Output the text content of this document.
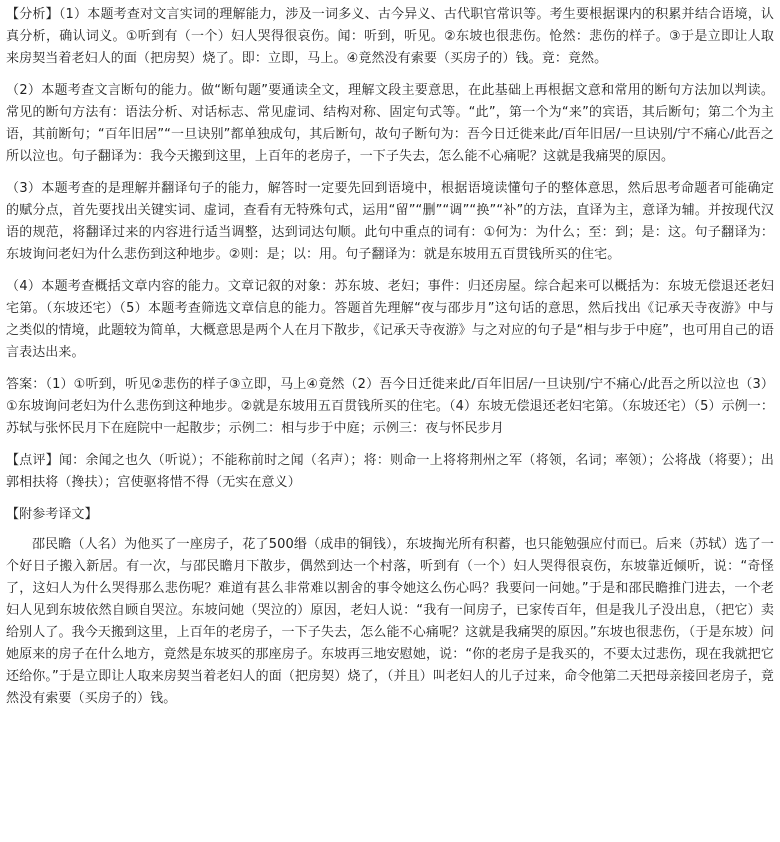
【分析】（1）本题考查对文言实词的理解能力，涉及一词多义、古今异义、古代职官常识等。考生要根据课内的积累并结合语境，认真分析，确认词义。①听到有（一个）妇人哭得很哀伤。闻：听到，听见。②东坡也很悲伤。怆然：悲伤的样子。③于是立即让人取来房契当着老妇人的面（把房契）烧了。即：立即，马上。④竟然没有索要（买房子的）钱。竟：竟然。

（2）本题考查文言断句的能力。做“断句题”要通读全文，理解文段主要意思，在此基础上再根据文意和常用的断句方法加以判读。常见的断句方法有：语法分析、对话标志、常见虚词、结构对称、固定句式等。“此”，第一个为“来”的宾语，其后断句；第二个为主语，其前断句；“百年旧居”“一旦诀别”都单独成句，其后断句，故句子断句为：吾今日迁徙来此/百年旧居/一旦诀别/宁不痛心/此吾之所以泣也。句子翻译为：我今天搬到这里，上百年的老房子，一下子失去，怎么能不心痛呢？这就是我痛哭的原因。

（3）本题考查的是理解并翻译句子的能力，解答时一定要先回到语境中，根据语境读懂句子的整体意思，然后思考命题者可能确定的赋分点，首先要找出关键实词、虚词，查看有无特殊句式，运用“留”“删”“调”“换”“补”的方法，直译为主，意译为辅。并按现代汉语的规范，将翻译过来的内容进行适当调整，达到词达句顺。此句中重点的词有：①何为：为什么；至：到；是：这。句子翻译为：东坡询问老妇为什么悲伤到这种地步。②则：是；以：用。句子翻译为：就是东坡用五百贯钱所买的住宅。

（4）本题考查概括文章内容的能力。文章记叙的对象：苏东坡、老妇；事件：归还房屋。综合起来可以概括为：东坡无偿退还老妇宅第。（东坡还宅）（5）本题考查筛选文章信息的能力。答题首先理解“夜与邵步月”这句话的意思，然后找出《记承天寺夜游》中与之类似的情境，此题较为简单，大概意思是两个人在月下散步，《记承天寺夜游》与之对应的句子是“相与步于中庭”，也可用自己的语言表达出来。

答案：（1）①听到，听见②悲伤的样子③立即，马上④竟然（2）吾今日迁徙来此/百年旧居/一旦诀别/宁不痛心/此吾之所以泣也（3）①东坡询问老妇为什么悲伤到这种地步。②就是东坡用五百贯钱所买的住宅。（4）东坡无偿退还老妇宅第。（东坡还宅）（5）示例一：苏轼与张怀民月下在庭院中一起散步；示例二：相与步于中庭；示例三：夜与怀民步月

【点评】闻：余闻之也久（听说）；不能称前时之闻（名声）；将：则命一上将将荆州之军（将领，名词；率领）；公将战（将要）；出郭相扶将（搀扶）；宫使驱将惜不得（无实在意义）

【附参考译文】

邵民瞻（人名）为他买了一座房子，花了500缗（成串的铜钱），东坡掏光所有积蓄，也只能勉强应付而已。后来（苏轼）选了一个好日子搬入新居。有一次，与邵民瞻月下散步，偶然到达一个村落，听到有（一个）妇人哭得很哀伤，东坡靠近倾听，说：“奇怪了，这妇人为什么哭得那么悲伤呢？难道有甚么非常难以割舍的事令她这么伤心吗？我要问一问她。”于是和邵民瞻推门进去，一个老妇人见到东坡依然自顾自哭泣。东坡问她（哭泣的）原因，老妇人说：“我有一间房子，已家传百年，但是我儿子没出息，（把它）卖给别人了。我今天搬到这里，上百年的老房子，一下子失去，怎么能不心痛呢？这就是我痛哭的原因。”东坡也很悲伤，（于是东坡）问她原来的房子在什么地方，竟然是东坡买的那座房子。东坡再三地安慰她，说：“你的老房子是我买的，不要太过悲伤，现在我就把它还给你。”于是立即让人取来房契当着老妇人的面（把房契）烧了，（并且）叫老妇人的儿子过来，命令他第二天把母亲接回老房子，竟然没有索要（买房子的）钱。
